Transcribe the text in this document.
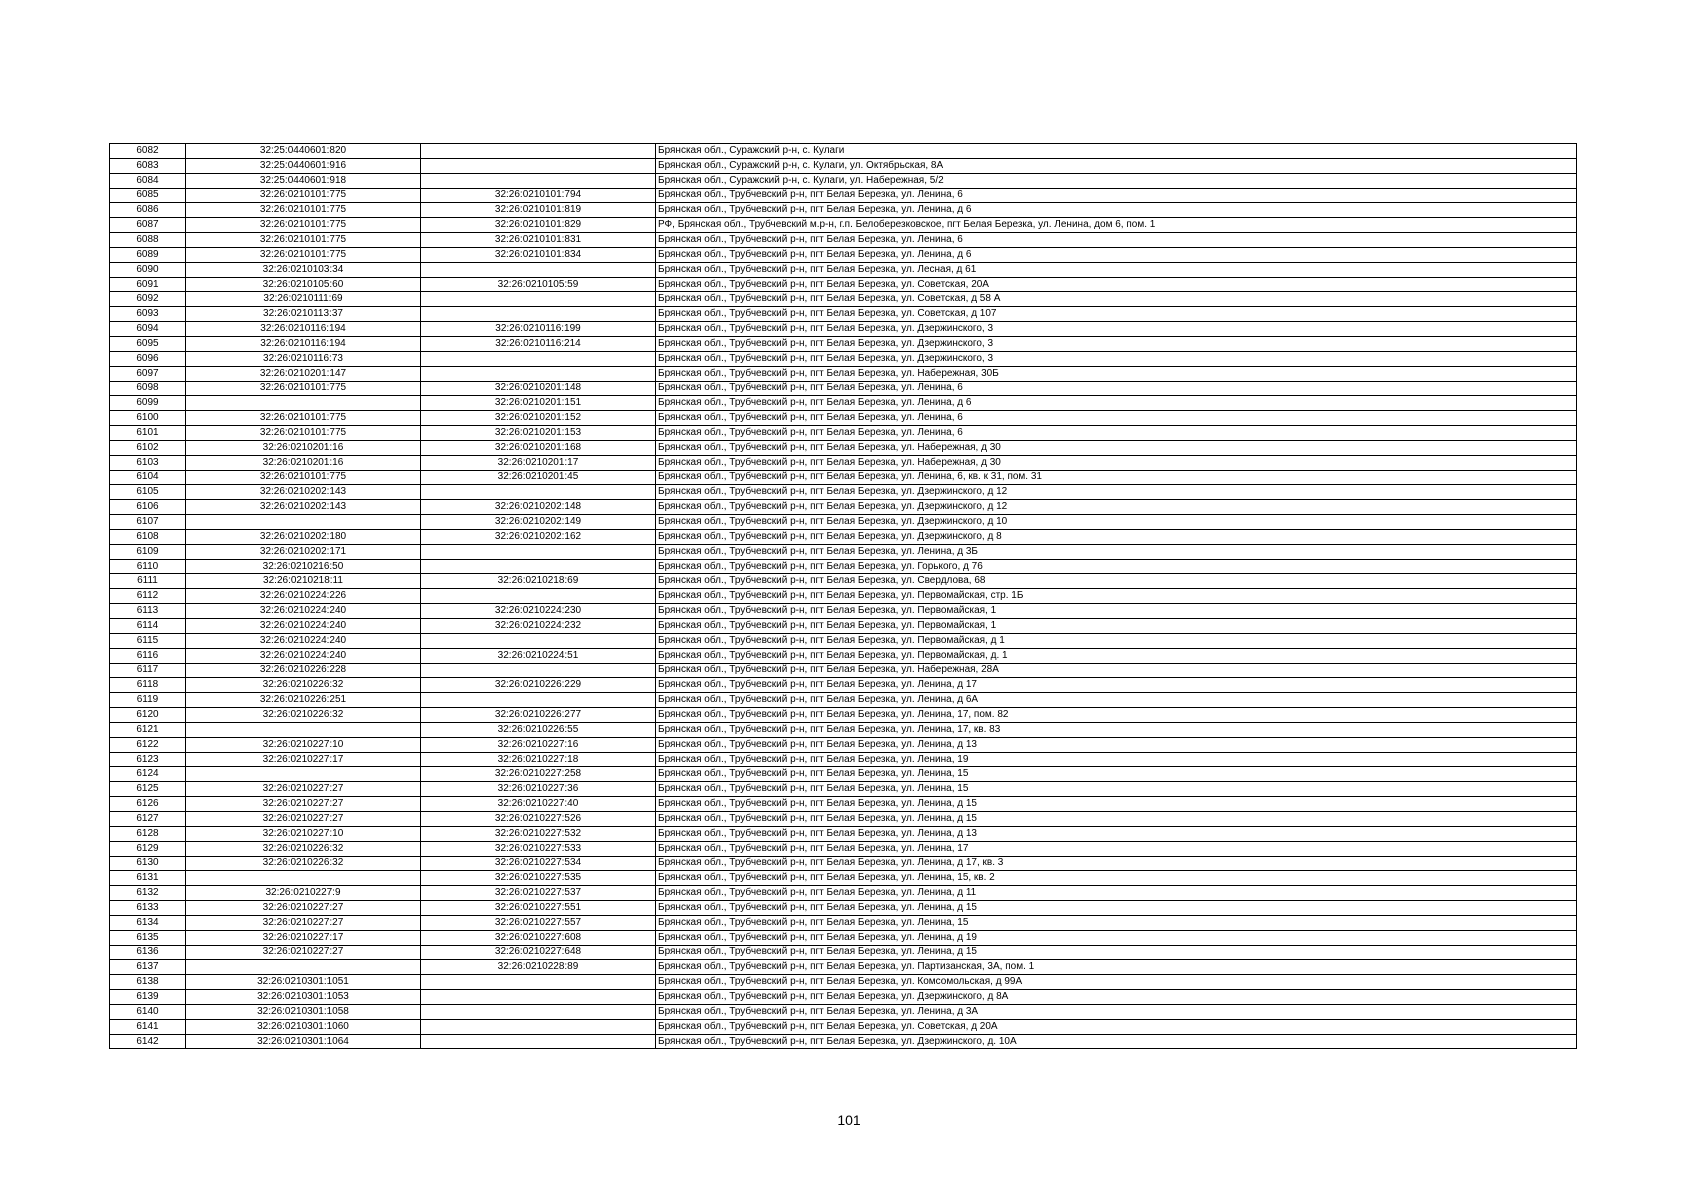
6082	32:25:0440601:820		Брянская обл., Суражский р-н, с. Кулаги
6083	32:25:0440601:916		Брянская обл., Суражский р-н, с. Кулаги, ул. Октябрьская, 8А
6084	32:25:0440601:918		Брянская обл., Суражский р-н, с. Кулаги, ул. Набережная, 5/2
6085	32:26:0210101:775	32:26:0210101:794	Брянская обл., Трубчевский р-н, пгт Белая Березка, ул. Ленина, 6
6086	32:26:0210101:775	32:26:0210101:819	Брянская обл., Трубчевский р-н, пгт Белая Березка, ул. Ленина, д 6
6087	32:26:0210101:775	32:26:0210101:829	РФ, Брянская обл., Трубчевский м.р-н, г.п. Белоберезковское, пгт Белая Березка, ул. Ленина, дом 6, пом. 1
6088	32:26:0210101:775	32:26:0210101:831	Брянская обл., Трубчевский р-н, пгт Белая Березка, ул. Ленина, 6
6089	32:26:0210101:775	32:26:0210101:834	Брянская обл., Трубчевский р-н, пгт Белая Березка, ул. Ленина, д 6
6090	32:26:0210103:34		Брянская обл., Трубчевский р-н, пгт Белая Березка, ул. Лесная, д 61
6091	32:26:0210105:60	32:26:0210105:59	Брянская обл., Трубчевский р-н, пгт Белая Березка, ул. Советская, 20А
6092	32:26:0210111:69		Брянская обл., Трубчевский р-н, пгт Белая Березка, ул. Советская, д 58 А
6093	32:26:0210113:37		Брянская обл., Трубчевский р-н, пгт Белая Березка, ул. Советская, д 107
6094	32:26:0210116:194	32:26:0210116:199	Брянская обл., Трубчевский р-н, пгт Белая Березка, ул. Дзержинского, 3
6095	32:26:0210116:194	32:26:0210116:214	Брянская обл., Трубчевский р-н, пгт Белая Березка, ул. Дзержинского, 3
6096	32:26:0210116:73		Брянская обл., Трубчевский р-н, пгт Белая Березка, ул. Дзержинского, 3
6097	32:26:0210201:147		Брянская обл., Трубчевский р-н, пгт Белая Березка, ул. Набережная, 30Б
6098	32:26:0210101:775	32:26:0210201:148	Брянская обл., Трубчевский р-н, пгт Белая Березка, ул. Ленина, 6
6099		32:26:0210201:151	Брянская обл., Трубчевский р-н, пгт Белая Березка, ул. Ленина, д 6
6100	32:26:0210101:775	32:26:0210201:152	Брянская обл., Трубчевский р-н, пгт Белая Березка, ул. Ленина, 6
6101	32:26:0210101:775	32:26:0210201:153	Брянская обл., Трубчевский р-н, пгт Белая Березка, ул. Ленина, 6
6102	32:26:0210201:16	32:26:0210201:168	Брянская обл., Трубчевский р-н, пгт Белая Березка, ул. Набережная, д 30
6103	32:26:0210201:16	32:26:0210201:17	Брянская обл., Трубчевский р-н, пгт Белая Березка, ул. Набережная, д 30
6104	32:26:0210101:775	32:26:0210201:45	Брянская обл., Трубчевский р-н, пгт Белая Березка, ул. Ленина, 6, кв. к 31, пом. 31
6105	32:26:0210202:143		Брянская обл., Трубчевский р-н, пгт Белая Березка, ул. Дзержинского, д 12
6106	32:26:0210202:143	32:26:0210202:148	Брянская обл., Трубчевский р-н, пгт Белая Березка, ул. Дзержинского, д 12
6107		32:26:0210202:149	Брянская обл., Трубчевский р-н, пгт Белая Березка, ул. Дзержинского, д 10
6108	32:26:0210202:180	32:26:0210202:162	Брянская обл., Трубчевский р-н, пгт Белая Березка, ул. Дзержинского, д 8
6109	32:26:0210202:171		Брянская обл., Трубчевский р-н, пгт Белая Березка, ул. Ленина, д 3Б
6110	32:26:0210216:50		Брянская обл., Трубчевский р-н, пгт Белая Березка, ул. Горького, д 76
6111	32:26:0210218:11	32:26:0210218:69	Брянская обл., Трубчевский р-н, пгт Белая Березка, ул. Свердлова, 68
6112	32:26:0210224:226		Брянская обл., Трубчевский р-н, пгт Белая Березка, ул. Первомайская, стр. 1Б
6113	32:26:0210224:240	32:26:0210224:230	Брянская обл., Трубчевский р-н, пгт Белая Березка, ул. Первомайская, 1
6114	32:26:0210224:240	32:26:0210224:232	Брянская обл., Трубчевский р-н, пгт Белая Березка, ул. Первомайская, 1
6115	32:26:0210224:240		Брянская обл., Трубчевский р-н, пгт Белая Березка, ул. Первомайская, д 1
6116	32:26:0210224:240	32:26:0210224:51	Брянская обл., Трубчевский р-н, пгт Белая Березка, ул. Первомайская, д. 1
6117	32:26:0210226:228		Брянская обл., Трубчевский р-н, пгт Белая Березка, ул. Набережная, 28А
6118	32:26:0210226:32	32:26:0210226:229	Брянская обл., Трубчевский р-н, пгт Белая Березка, ул. Ленина, д 17
6119	32:26:0210226:251		Брянская обл., Трубчевский р-н, пгт Белая Березка, ул. Ленина, д 6А
6120	32:26:0210226:32	32:26:0210226:277	Брянская обл., Трубчевский р-н, пгт Белая Березка, ул. Ленина, 17, пом. 82
6121		32:26:0210226:55	Брянская обл., Трубчевский р-н, пгт Белая Березка, ул. Ленина, 17, кв. 83
6122	32:26:0210227:10	32:26:0210227:16	Брянская обл., Трубчевский р-н, пгт Белая Березка, ул. Ленина, д 13
6123	32:26:0210227:17	32:26:0210227:18	Брянская обл., Трубчевский р-н, пгт Белая Березка, ул. Ленина, 19
6124		32:26:0210227:258	Брянская обл., Трубчевский р-н, пгт Белая Березка, ул. Ленина, 15
6125	32:26:0210227:27	32:26:0210227:36	Брянская обл., Трубчевский р-н, пгт Белая Березка, ул. Ленина, 15
6126	32:26:0210227:27	32:26:0210227:40	Брянская обл., Трубчевский р-н, пгт Белая Березка, ул. Ленина, д 15
6127	32:26:0210227:27	32:26:0210227:526	Брянская обл., Трубчевский р-н, пгт Белая Березка, ул. Ленина, д 15
6128	32:26:0210227:10	32:26:0210227:532	Брянская обл., Трубчевский р-н, пгт Белая Березка, ул. Ленина, д 13
6129	32:26:0210226:32	32:26:0210227:533	Брянская обл., Трубчевский р-н, пгт Белая Березка, ул. Ленина, 17
6130	32:26:0210226:32	32:26:0210227:534	Брянская обл., Трубчевский р-н, пгт Белая Березка, ул. Ленина, д 17, кв. 3
6131		32:26:0210227:535	Брянская обл., Трубчевский р-н, пгт Белая Березка, ул. Ленина, 15, кв. 2
6132	32:26:0210227:9	32:26:0210227:537	Брянская обл., Трубчевский р-н, пгт Белая Березка, ул. Ленина, д 11
6133	32:26:0210227:27	32:26:0210227:551	Брянская обл., Трубчевский р-н, пгт Белая Березка, ул. Ленина, д 15
6134	32:26:0210227:27	32:26:0210227:557	Брянская обл., Трубчевский р-н, пгт Белая Березка, ул. Ленина, 15
6135	32:26:0210227:17	32:26:0210227:608	Брянская обл., Трубчевский р-н, пгт Белая Березка, ул. Ленина, д 19
6136	32:26:0210227:27	32:26:0210227:648	Брянская обл., Трубчевский р-н, пгт Белая Березка, ул. Ленина, д 15
6137		32:26:0210228:89	Брянская обл., Трубчевский р-н, пгт Белая Березка, ул. Партизанская, 3А, пом. 1
6138	32:26:0210301:1051		Брянская обл., Трубчевский р-н, пгт Белая Березка, ул. Комсомольская, д 99А
6139	32:26:0210301:1053		Брянская обл., Трубчевский р-н, пгт Белая Березка, ул. Дзержинского, д 8А
6140	32:26:0210301:1058		Брянская обл., Трубчевский р-н, пгт Белая Березка, ул. Ленина, д 3А
6141	32:26:0210301:1060		Брянская обл., Трубчевский р-н, пгт Белая Березка, ул. Советская, д 20А
6142	32:26:0210301:1064		Брянская обл., Трубчевский р-н, пгт Белая Березка, ул. Дзержинского, д. 10А
101
